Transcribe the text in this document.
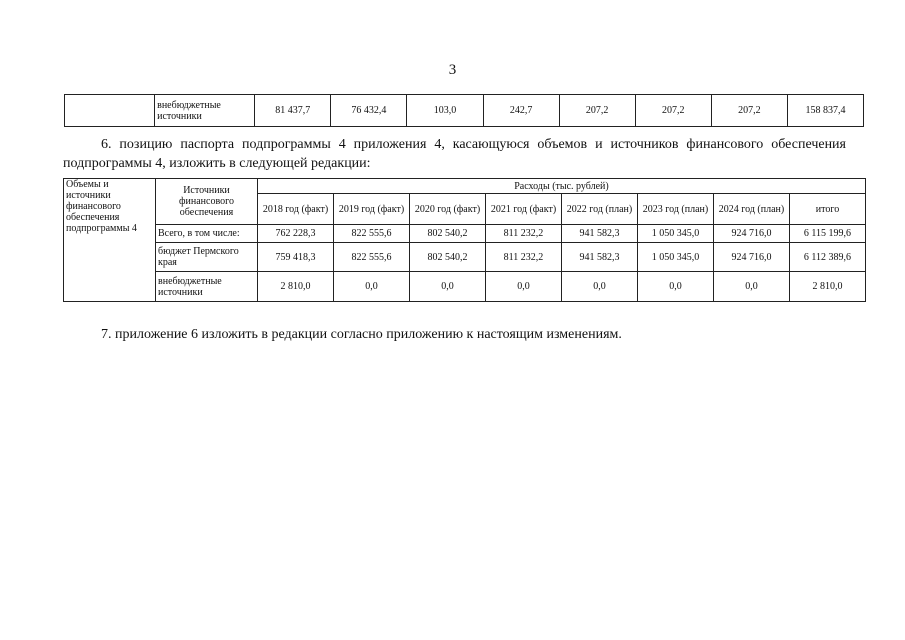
3
	внебюджетные источники	81 437,7	76 432,4	103,0	242,7	207,2	207,2	207,2	158 837,4
6. позицию паспорта подпрограммы 4 приложения 4, касающуюся объемов и источников финансового обеспечения подпрограммы 4, изложить в следующей редакции:
Объемы и источники финансового обеспечения подпрограммы 4	Источники финансового обеспечения	Расходы (тыс. рублей)							
		2018 год (факт)	2019 год (факт)	2020 год (факт)	2021 год (факт)	2022 год (план)	2023 год (план)	2024 год (план)	итого
	Всего, в том числе:	762 228,3	822 555,6	802 540,2	811 232,2	941 582,3	1 050 345,0	924 716,0	6 115 199,6
	бюджет Пермского края	759 418,3	822 555,6	802 540,2	811 232,2	941 582,3	1 050 345,0	924 716,0	6 112 389,6
	внебюджетные источники	2 810,0	0,0	0,0	0,0	0,0	0,0	0,0	2 810,0
7. приложение 6 изложить в редакции согласно приложению к настоящим изменениям.
